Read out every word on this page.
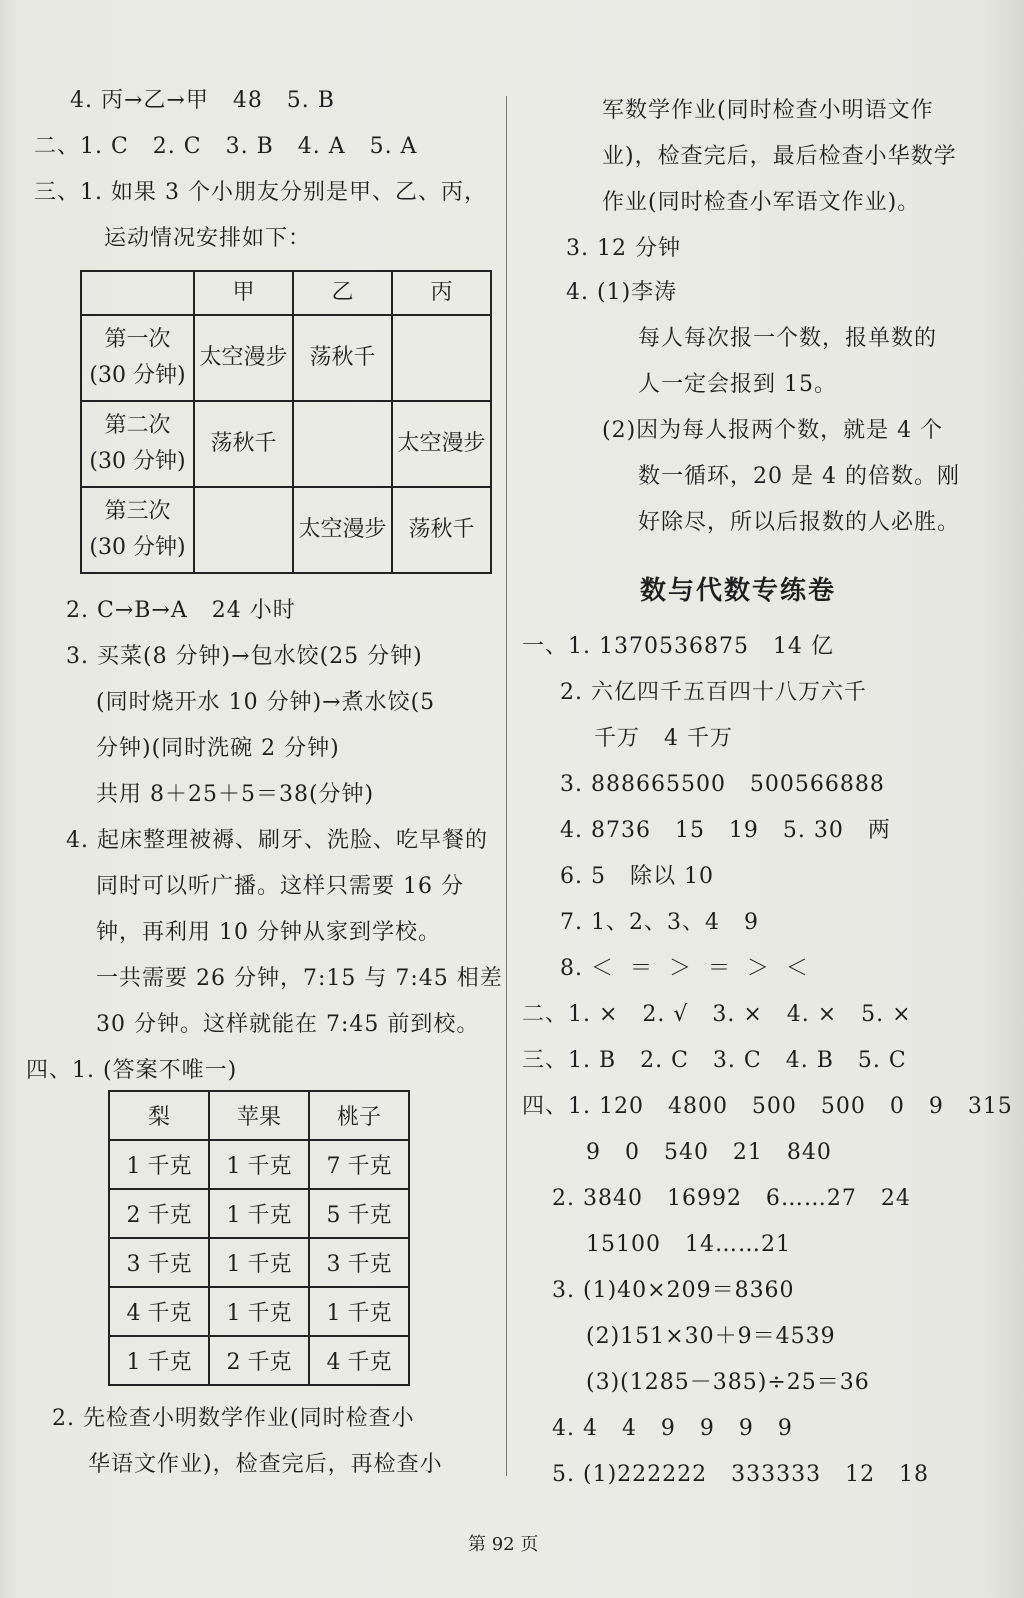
4. 丙→乙→甲   48   5. B
二、1. C   2. C   3. B   4. A   5. A
三、1. 如果 3 个小朋友分别是甲、乙、丙，
运动情况安排如下：
	甲	乙	丙
第一次
(30 分钟)	太空漫步	荡秋千	
第二次
(30 分钟)	荡秋千		太空漫步
第三次
(30 分钟)		太空漫步	荡秋千
2. C→B→A   24 小时
3. 买菜(8 分钟)→包水饺(25 分钟)
(同时烧开水 10 分钟)→煮水饺(5
分钟)(同时洗碗 2 分钟)
共用 8＋25＋5＝38(分钟)
4. 起床整理被褥、刷牙、洗脸、吃早餐的
同时可以听广播。这样只需要 16 分
钟，再利用 10 分钟从家到学校。
一共需要 26 分钟，7:15 与 7:45 相差
30 分钟。这样就能在 7:45 前到校。
四、1. (答案不唯一)
梨	苹果	桃子
1 千克	1 千克	7 千克
2 千克	1 千克	5 千克
3 千克	1 千克	3 千克
4 千克	1 千克	1 千克
1 千克	2 千克	4 千克
2. 先检查小明数学作业(同时检查小
华语文作业)，检查完后，再检查小
军数学作业(同时检查小明语文作
业)，检查完后，最后检查小华数学
作业(同时检查小军语文作业)。
3. 12 分钟
4. (1)李涛
每人每次报一个数，报单数的
人一定会报到 15。
(2)因为每人报两个数，就是 4 个
数一循环，20 是 4 的倍数。刚
好除尽，所以后报数的人必胜。
数与代数专练卷
一、1. 1370536875   14 亿
2. 六亿四千五百四十八万六千
千万   4 千万
3. 888665500   500566888
4. 8736   15   19   5. 30   两
6. 5   除以 10
7. 1、2、3、4   9
8. ＜  ＝  ＞  ＝  ＞  ＜
二、1. ×   2. √   3. ×   4. ×   5. ×
三、1. B   2. C   3. C   4. B   5. C
四、1. 120   4800   500   500   0   9   315
9   0   540   21   840
2. 3840   16992   6……27   24
15100   14……21
3. (1)40×209＝8360
(2)151×30＋9＝4539
(3)(1285－385)÷25＝36
4. 4   4   9   9   9   9
5. (1)222222   333333   12   18
第 92 页
